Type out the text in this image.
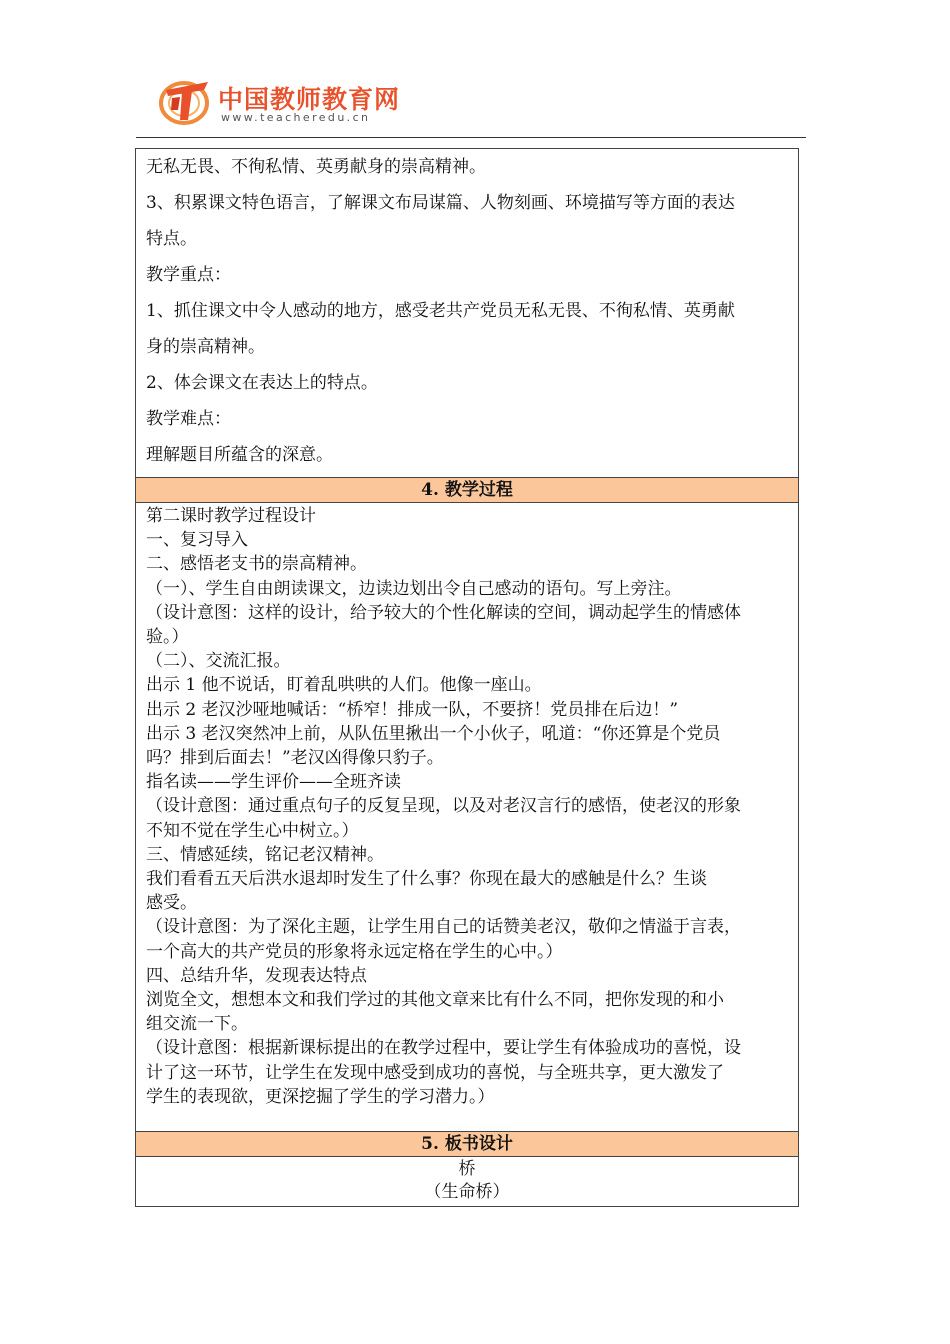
中国教师教育网
www.teacheredu.cn

无私无畏、不徇私情、英勇献身的崇高精神。

3、积累课文特色语言，了解课文布局谋篇、人物刻画、环境描写等方面的表达

特点。

教学重点：

1、抓住课文中令人感动的地方，感受老共产党员无私无畏、不徇私情、英勇献

身的崇高精神。

2、体会课文在表达上的特点。

教学难点：

理解题目所蕴含的深意。

4. 教学过程

第二课时教学过程设计

一、复习导入

二、感悟老支书的崇高精神。

（一）、学生自由朗读课文，边读边划出令自己感动的语句。写上旁注。

（设计意图：这样的设计，给予较大的个性化解读的空间，调动起学生的情感体

验。）

（二）、交流汇报。

出示 1 他不说话，盯着乱哄哄的人们。他像一座山。

出示 2 老汉沙哑地喊话：“桥窄！排成一队，不要挤！党员排在后边！”

出示 3 老汉突然冲上前，从队伍里揪出一个小伙子，吼道：“你还算是个党员

吗？排到后面去！”老汉凶得像只豹子。

指名读——学生评价——全班齐读

（设计意图：通过重点句子的反复呈现，以及对老汉言行的感悟，使老汉的形象

不知不觉在学生心中树立。）

三、情感延续，铭记老汉精神。

我们看看五天后洪水退却时发生了什么事？你现在最大的感触是什么？生谈

感受。

（设计意图：为了深化主题，让学生用自己的话赞美老汉，敬仰之情溢于言表，

一个高大的共产党员的形象将永远定格在学生的心中。）

四、总结升华，发现表达特点

浏览全文，想想本文和我们学过的其他文章来比有什么不同，把你发现的和小

组交流一下。

（设计意图：根据新课标提出的在教学过程中，要让学生有体验成功的喜悦，设

计了这一环节，让学生在发现中感受到成功的喜悦，与全班共享，更大激发了

学生的表现欲，更深挖掘了学生的学习潜力。）

5. 板书设计

桥

（生命桥）
